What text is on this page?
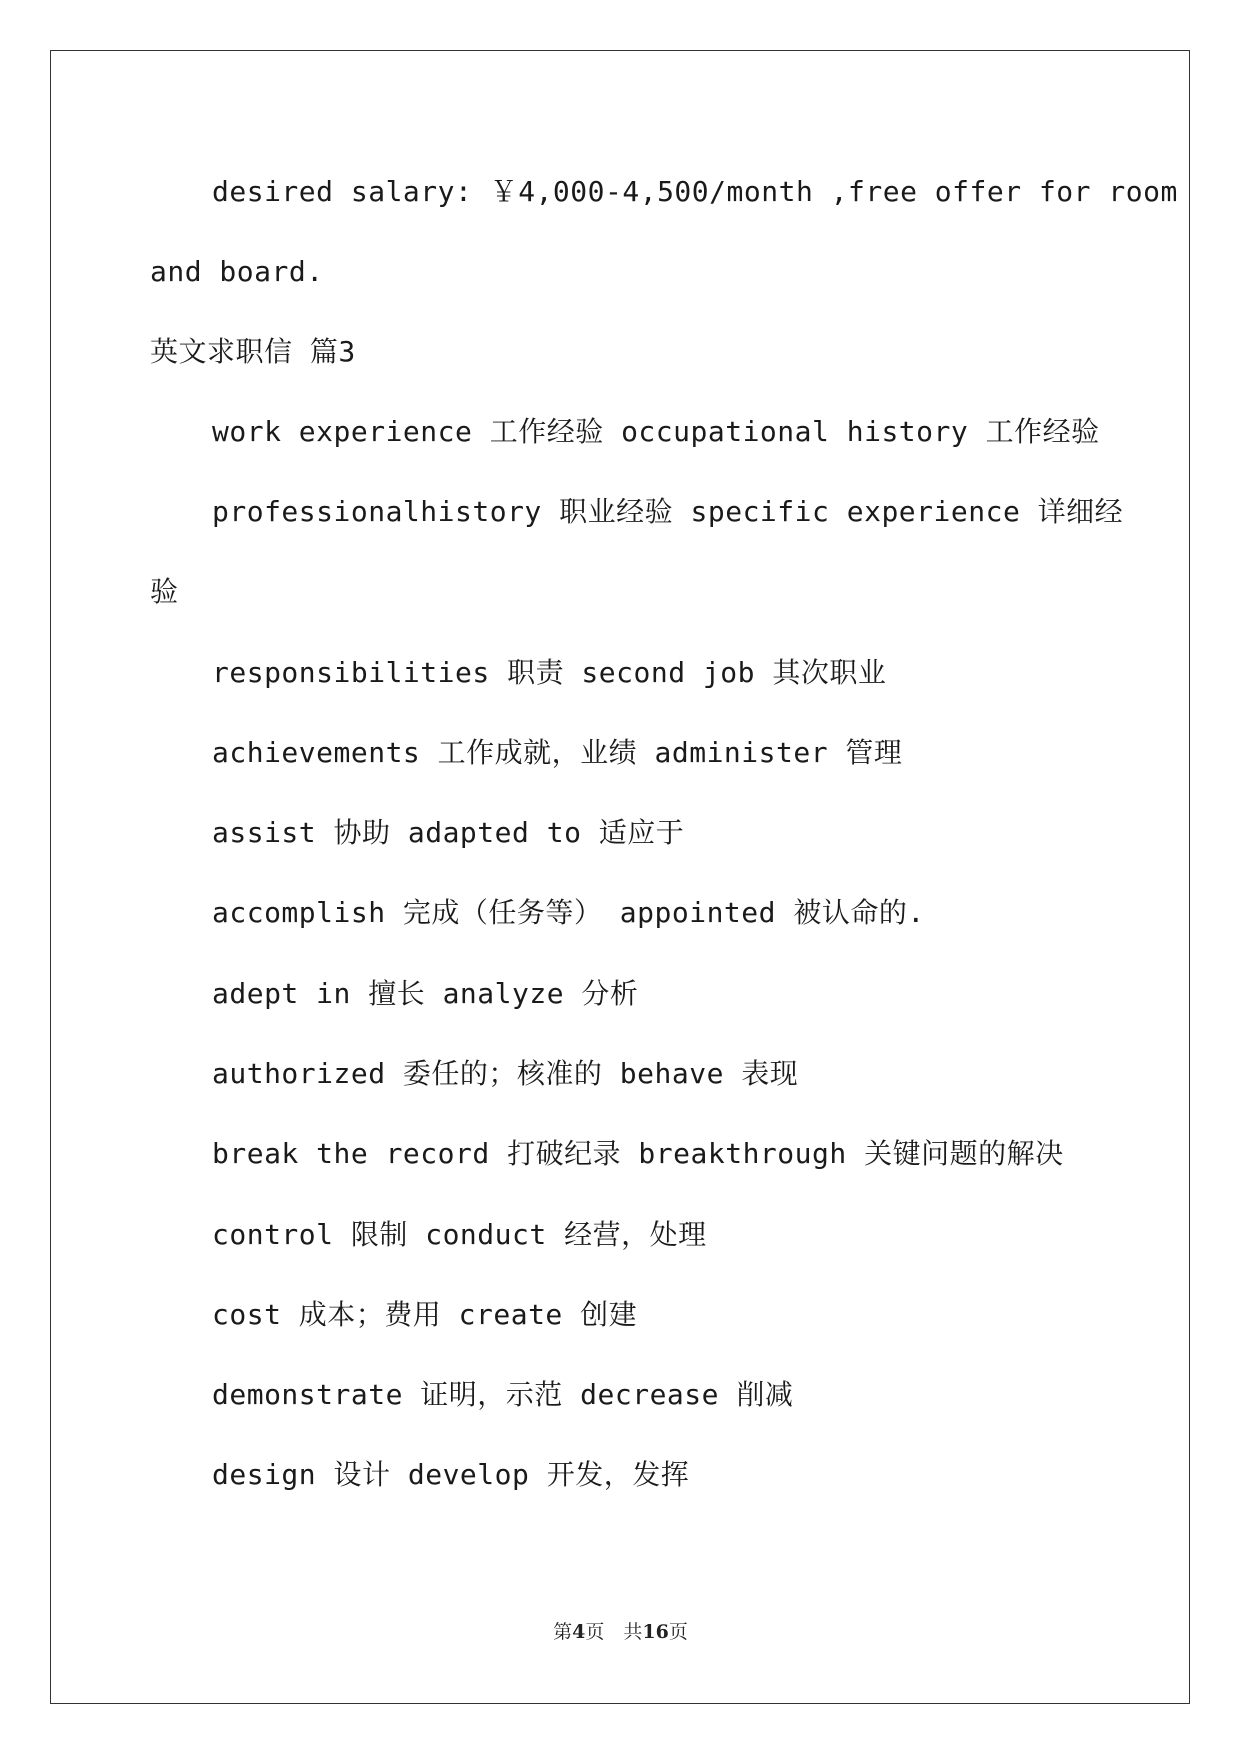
desired salary: ￥4,000-4,500/month ,free offer for room
and board.
英文求职信 篇3
work experience 工作经验 occupational history 工作经验
professionalhistory 职业经验 specific experience 详细经
验
responsibilities 职责 second job 其次职业
achievements 工作成就，业绩 administer 管理
assist 协助 adapted to 适应于
accomplish 完成（任务等） appointed 被认命的.
adept in 擅长 analyze 分析
authorized 委任的；核准的 behave 表现
break the record 打破纪录 breakthrough 关键问题的解决
control 限制 conduct 经营，处理
cost 成本；费用 create 创建
demonstrate 证明，示范 decrease 削减
design 设计 develop 开发，发挥
第4页　共16页
